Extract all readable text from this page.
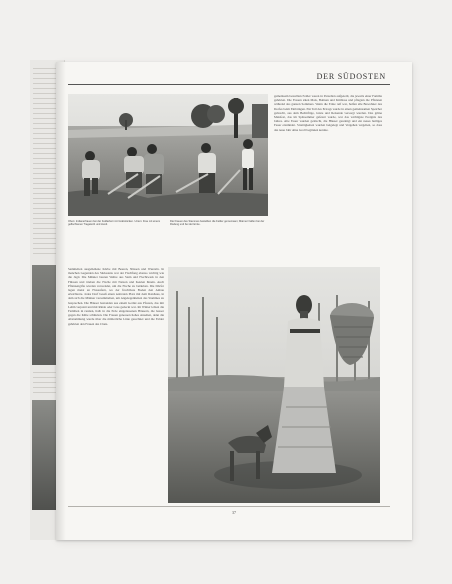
DER SÜDOSTEN
Oben: Indianerfrauen bei der Feldarbeit mit Grabstöcken. Unten: Frau mit einem geflochtenen Tragekorb und Hund.
Die Frauen des Stammes bestellten die Felder gemeinsam; Männer halfen bei der Rodung und bei der Ernte.
gemeinsam bestellten Felder waren in Parzellen aufgeteilt, die jeweils einer Familie gehörten. Die Frauen säten Mais, Bohnen und Kürbisse und pflegten die Pflanzen während des ganzen Sommers. Wenn die Ernte reif war, halfen alle Bewohner des Dorfes beim Einbringen. Ein Teil des Ertrags wurde in einen gemeinsamen Speicher gebracht, aus dem Bedürftige, Gäste und Reisende versorgt wurden. Das grüne Maisfest, das im Spätsommer gefeiert wurde, war das wichtigste Ereignis des Jahres. Alte Feuer wurden gelöscht, die Häuser gereinigt und ein neues heiliges Feuer entzündet. Streitigkeiten wurden beigelegt und Vergehen vergeben, so dass das neue Jahr ohne Groll beginnen konnte.
Sammelten ausgeliehene Körbe mit Beeren, Nüssen und Wurzeln. In manchen Gegenden des Südostens war der Fischfang ebenso wichtig wie die Jagd. Die Männer bauten Wehre aus Stein und Flechtwerk in den Flüssen und trieben die Fische mit Netzen und Keulen hinein. Auch Pflanzengifte wurden verwendet, um die Fische zu betäuben. Die Dörfer lagen meist an Flussufern, wo der fruchtbare Boden den Anbau erleichterte. Jedes Dorf besaß einen zentralen Platz mit dem Ratshaus, in dem sich die Männer versammelten, um Angelegenheiten des Stammes zu besprechen. Die Häuser bestanden aus einem Gerüst aus Pfosten, das mit Lehm verputzt und mit Rinde oder Gras gedeckt war. Im Winter lebten die Familien in runden, halb in die Erde eingelassenen Häusern, die besser gegen die Kälte schützten. Die Frauen genossen hohes Ansehen, denn die Abstammung wurde über die mütterliche Linie gerechnet und die Felder gehörten den Frauen des Clans.
37
